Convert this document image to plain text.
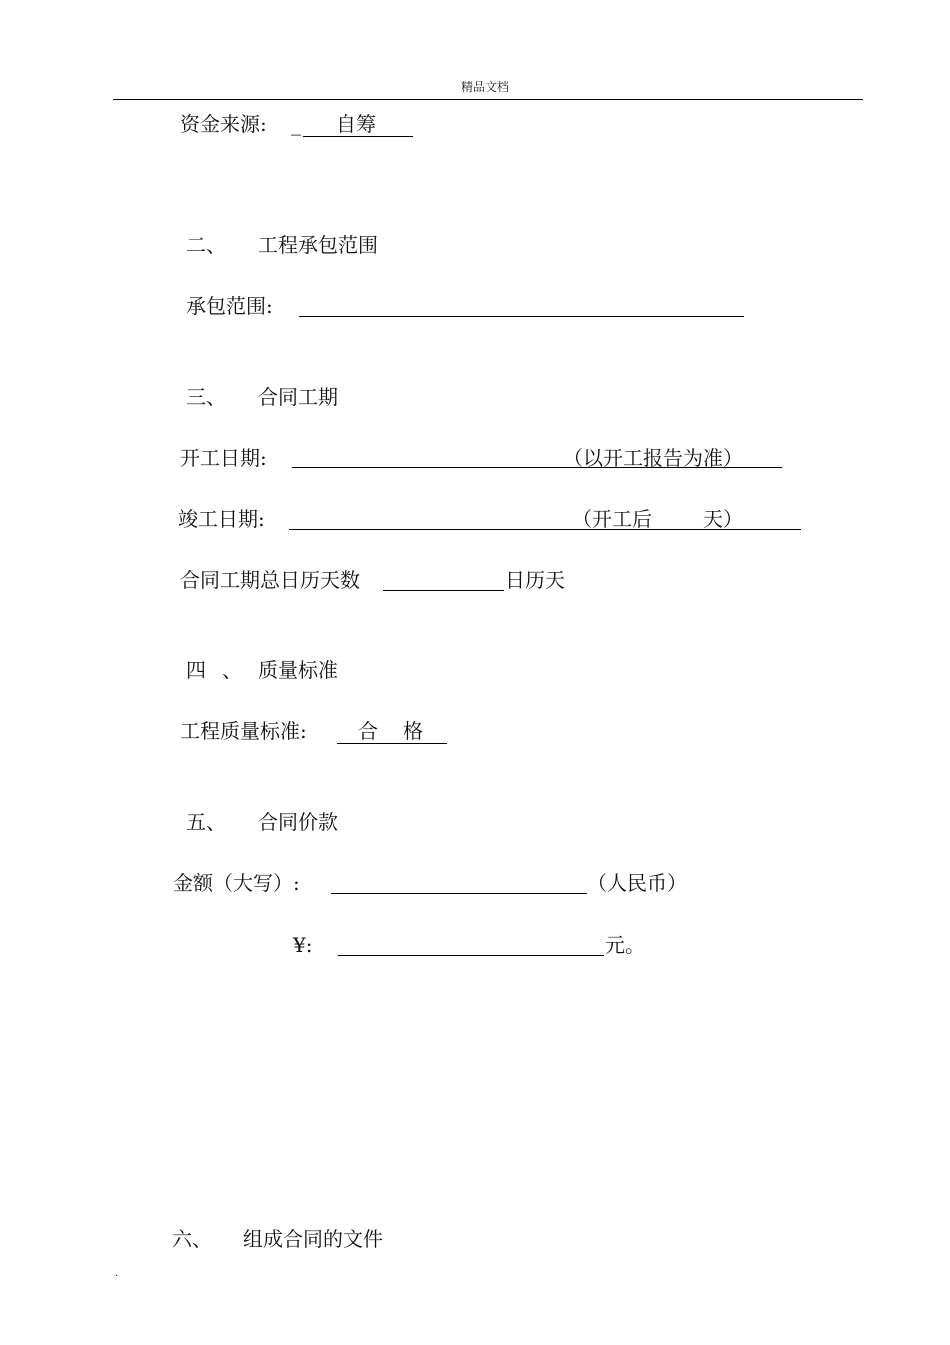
精品文档
资金来源: _ 自筹
二、 工程承包范围
承包范围:
三、 合同工期
开工日期:	（以开工报告为准）
竣工日期:	（开工后	天）
合同工期总日历天数	日历天
四 、 质量标准
工程质量标准:	合 格
五、 合同价款
金额（大写）:	（人民币）
¥:	元。
六、 组成合同的文件
.
